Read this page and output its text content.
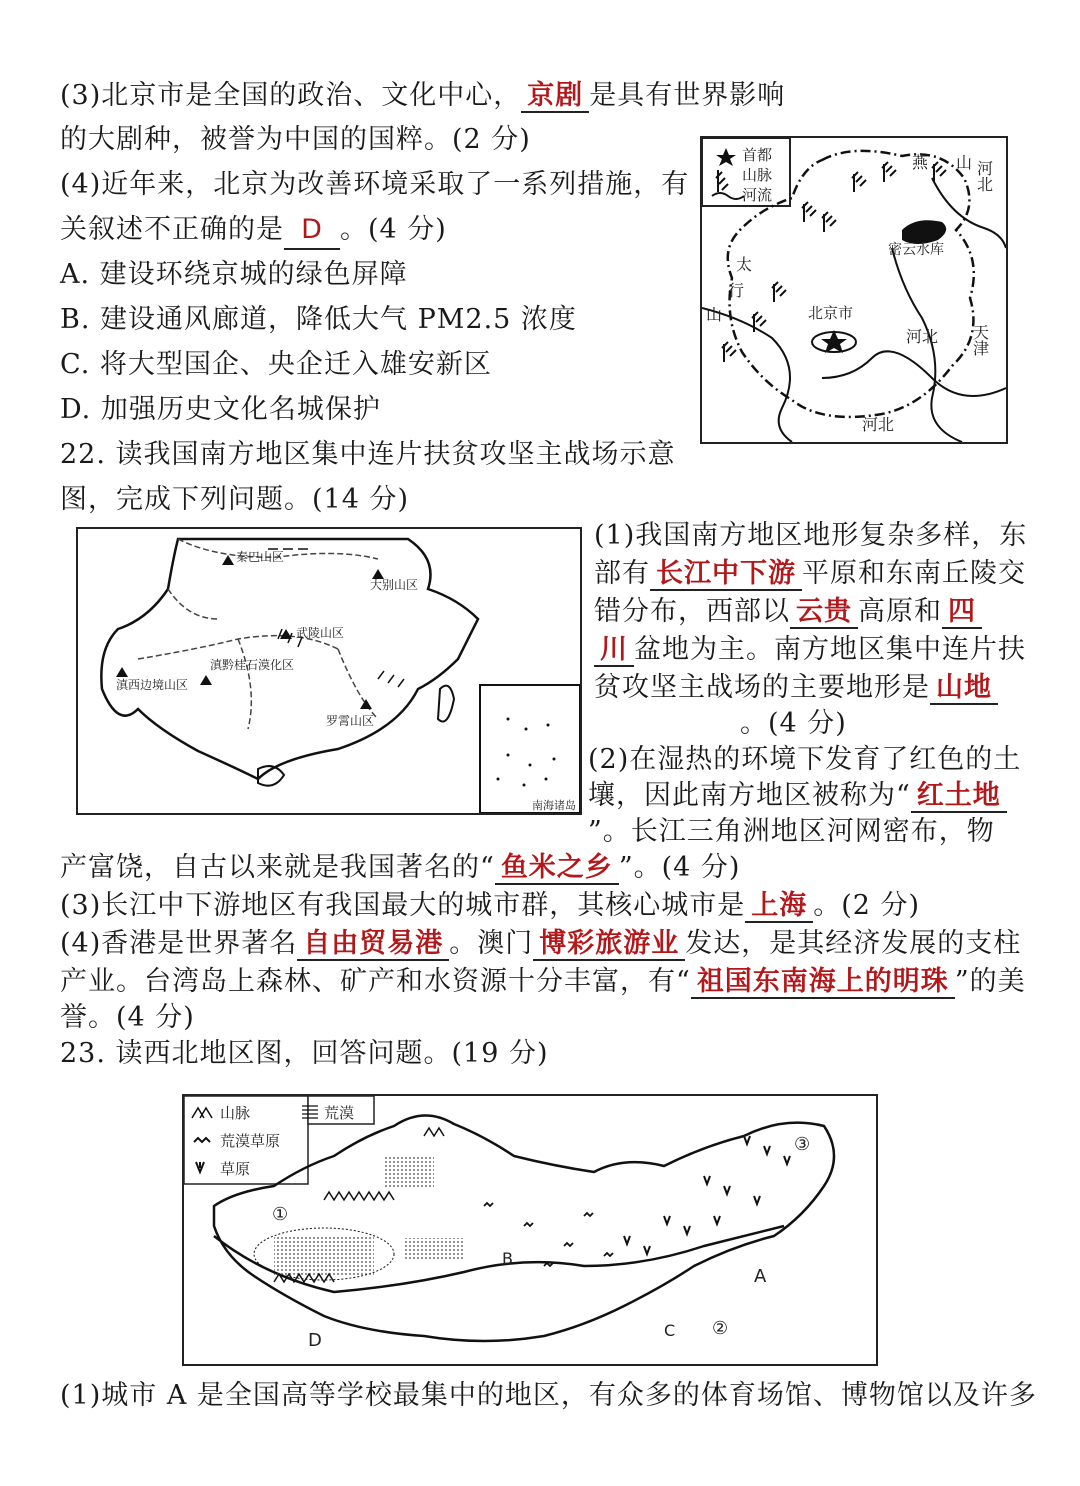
(3)北京市是全国的政治、文化中心， 京剧 是具有世界影响
的大剧种，被誉为中国的国粹。(2 分)
(4)近年来，北京为改善环境采取了一系列措施，有
关叙述不正确的是 D 。(4 分)
A. 建设环绕京城的绿色屏障
B. 建设通风廊道，降低大气 PM2.5 浓度
C. 将大型国企、央企迁入雄安新区
D. 加强历史文化名城保护
首都
山脉
河流
燕 山 河北
密云水库
太
行
山	北京市
河北 天津
河北
22. 读我国南方地区集中连片扶贫攻坚主战场示意
图，完成下列问题。(14 分)
秦巴山区
大别山区
武陵山区
滇黔桂石漠化区
滇西边境山区
罗霄山区
南海诸岛
(1)我国南方地区地形复杂多样，东
部有 长江中下游 平原和东南丘陵交
错分布，西部以 云贵 高原和 四
川 盆地为主。南方地区集中连片扶
贫攻坚主战场的主要地形是 山地
。(4 分)
(2)在湿热的环境下发育了红色的土
壤，因此南方地区被称为“ 红土地
”。长江三角洲地区河网密布，物
产富饶，自古以来就是我国著名的“ 鱼米之乡 ”。(4 分)
(3)长江中下游地区有我国最大的城市群，其核心城市是 上海 。(2 分)
(4)香港是世界著名 自由贸易港 。澳门 博彩旅游业 发达，是其经济发展的支柱
产业。台湾岛上森林、矿产和水资源十分丰富，有“ 祖国东南海上的明珠 ”的美
誉。(4 分)
23. 读西北地区图，回答问题。(19 分)
山脉	荒漠
荒漠草原
草原
①
②
③
A
B
C
D
(1)城市 A 是全国高等学校最集中的地区，有众多的体育场馆、博物馆以及许多
